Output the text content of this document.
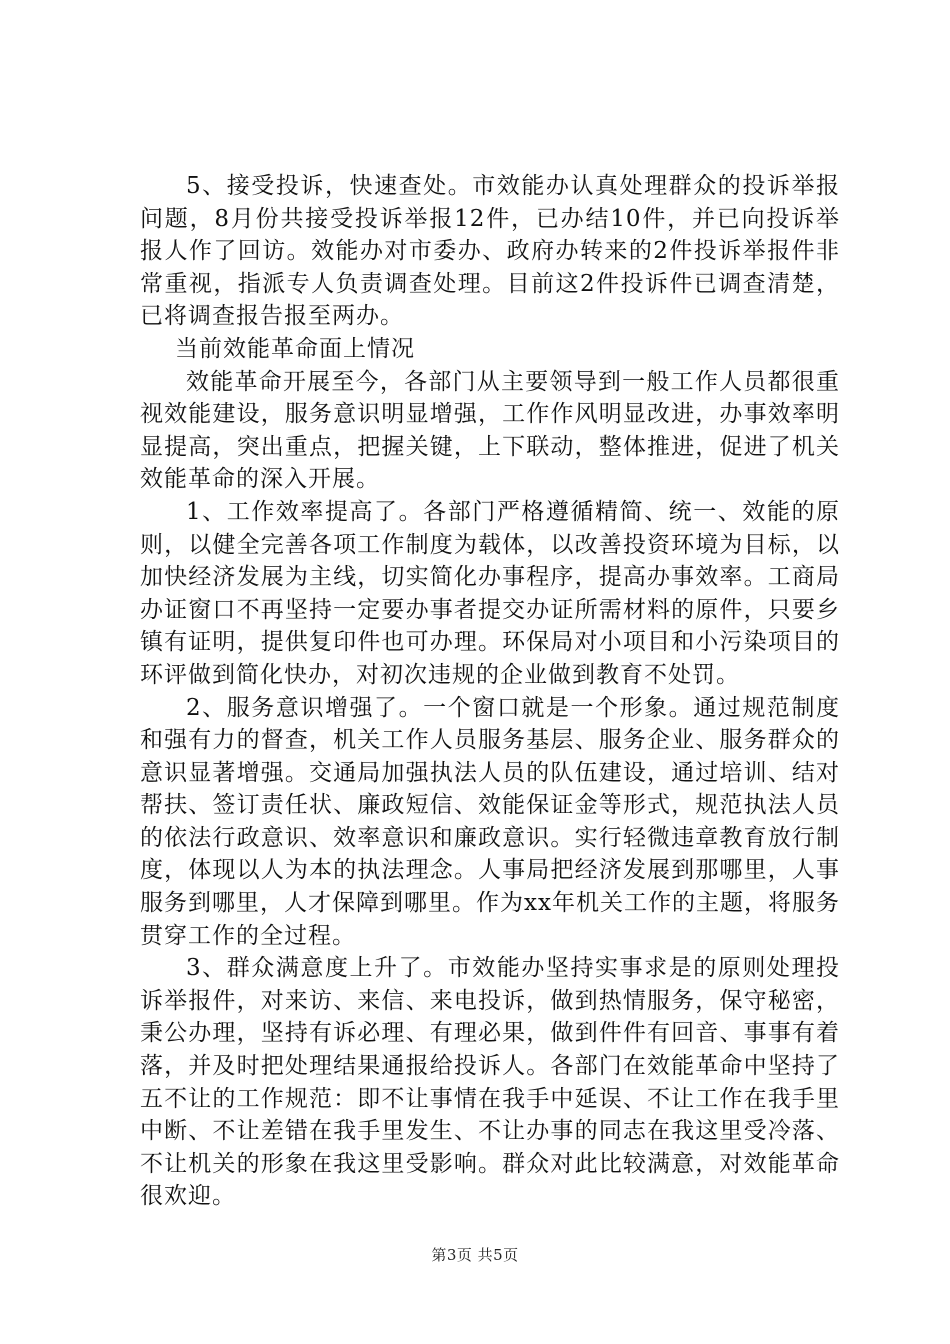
5、接受投诉，快速查处。市效能办认真处理群众的投诉举报问题，8月份共接受投诉举报12件，已办结10件，并已向投诉举报人作了回访。效能办对市委办、政府办转来的2件投诉举报件非常重视，指派专人负责调查处理。目前这2件投诉件已调查清楚，已将调查报告报至两办。

当前效能革命面上情况

效能革命开展至今，各部门从主要领导到一般工作人员都很重视效能建设，服务意识明显增强，工作作风明显改进，办事效率明显提高，突出重点，把握关键，上下联动，整体推进，促进了机关效能革命的深入开展。

1、工作效率提高了。各部门严格遵循精简、统一、效能的原则，以健全完善各项工作制度为载体，以改善投资环境为目标，以加快经济发展为主线，切实简化办事程序，提高办事效率。工商局办证窗口不再坚持一定要办事者提交办证所需材料的原件，只要乡镇有证明，提供复印件也可办理。环保局对小项目和小污染项目的环评做到简化快办，对初次违规的企业做到教育不处罚。

2、服务意识增强了。一个窗口就是一个形象。通过规范制度和强有力的督查，机关工作人员服务基层、服务企业、服务群众的意识显著增强。交通局加强执法人员的队伍建设，通过培训、结对帮扶、签订责任状、廉政短信、效能保证金等形式，规范执法人员的依法行政意识、效率意识和廉政意识。实行轻微违章教育放行制度，体现以人为本的执法理念。人事局把经济发展到那哪里，人事服务到哪里，人才保障到哪里。作为xx年机关工作的主题，将服务贯穿工作的全过程。

3、群众满意度上升了。市效能办坚持实事求是的原则处理投诉举报件，对来访、来信、来电投诉，做到热情服务，保守秘密，秉公办理，坚持有诉必理、有理必果，做到件件有回音、事事有着落，并及时把处理结果通报给投诉人。各部门在效能革命中坚持了五不让的工作规范：即不让事情在我手中延误、不让工作在我手里中断、不让差错在我手里发生、不让办事的同志在我这里受冷落、不让机关的形象在我这里受影响。群众对此比较满意，对效能革命很欢迎。

第3页 共5页
